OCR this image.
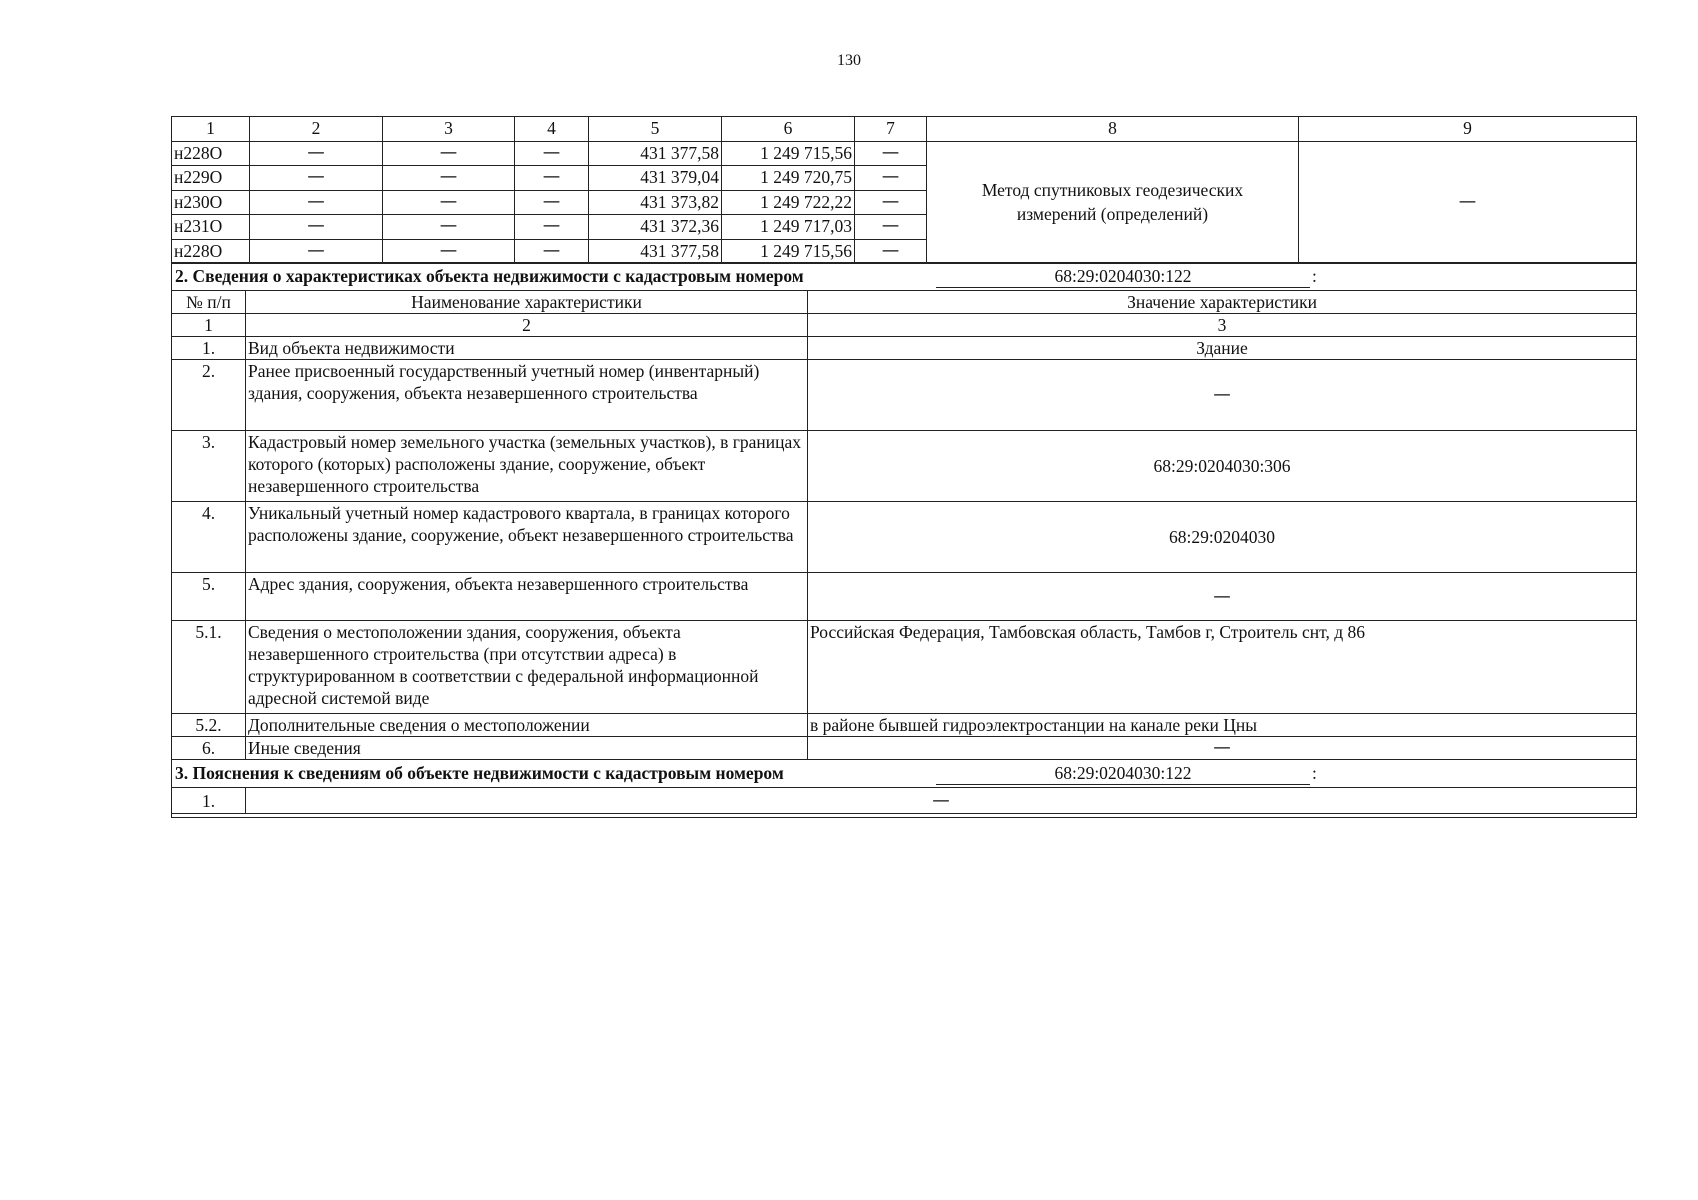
130
1	2	3	4	5	6	7	8	9
н228О	—	—	—	431 377,58	1 249 715,56	—	Метод спутниковых геодезических измерений (определений)	—
н229О	—	—	—	431 379,04	1 249 720,75	—		
н230О	—	—	—	431 373,82	1 249 722,22	—		
н231О	—	—	—	431 372,36	1 249 717,03	—		
н228О	—	—	—	431 377,58	1 249 715,56	—		
2. Сведения о характеристиках объекта недвижимости с кадастровым номером 68:29:0204030:122 :		

№ п/п	Наименование характеристики	Значение характеристики
1	2	3
1.	Вид объекта недвижимости	Здание
2.	Ранее присвоенный государственный учетный номер (инвентарный) здания, сооружения, объекта незавершенного строительства	—
3.	Кадастровый номер земельного участка (земельных участков), в границах которого (которых) расположены здание, сооружение, объект незавершенного строительства	68:29:0204030:306
4.	Уникальный учетный номер кадастрового квартала, в границах которого расположены здание, сооружение, объект незавершенного строительства	68:29:0204030
5.	Адрес здания, сооружения, объекта незавершенного строительства	—
5.1.	Сведения о местоположении здания, сооружения, объекта незавершенного строительства (при отсутствии адреса) в структурированном в соответствии с федеральной информационной адресной системой виде	Российская Федерация, Тамбовская область, Тамбов г, Строитель снт, д 86
5.2.	Дополнительные сведения о местоположении	в районе бывшей гидроэлектростанции на канале реки Цны
6.	Иные сведения	—

3. Пояснения к сведениям об объекте недвижимости с кадастровым номером 68:29:0204030:122 :		

1.	—	
